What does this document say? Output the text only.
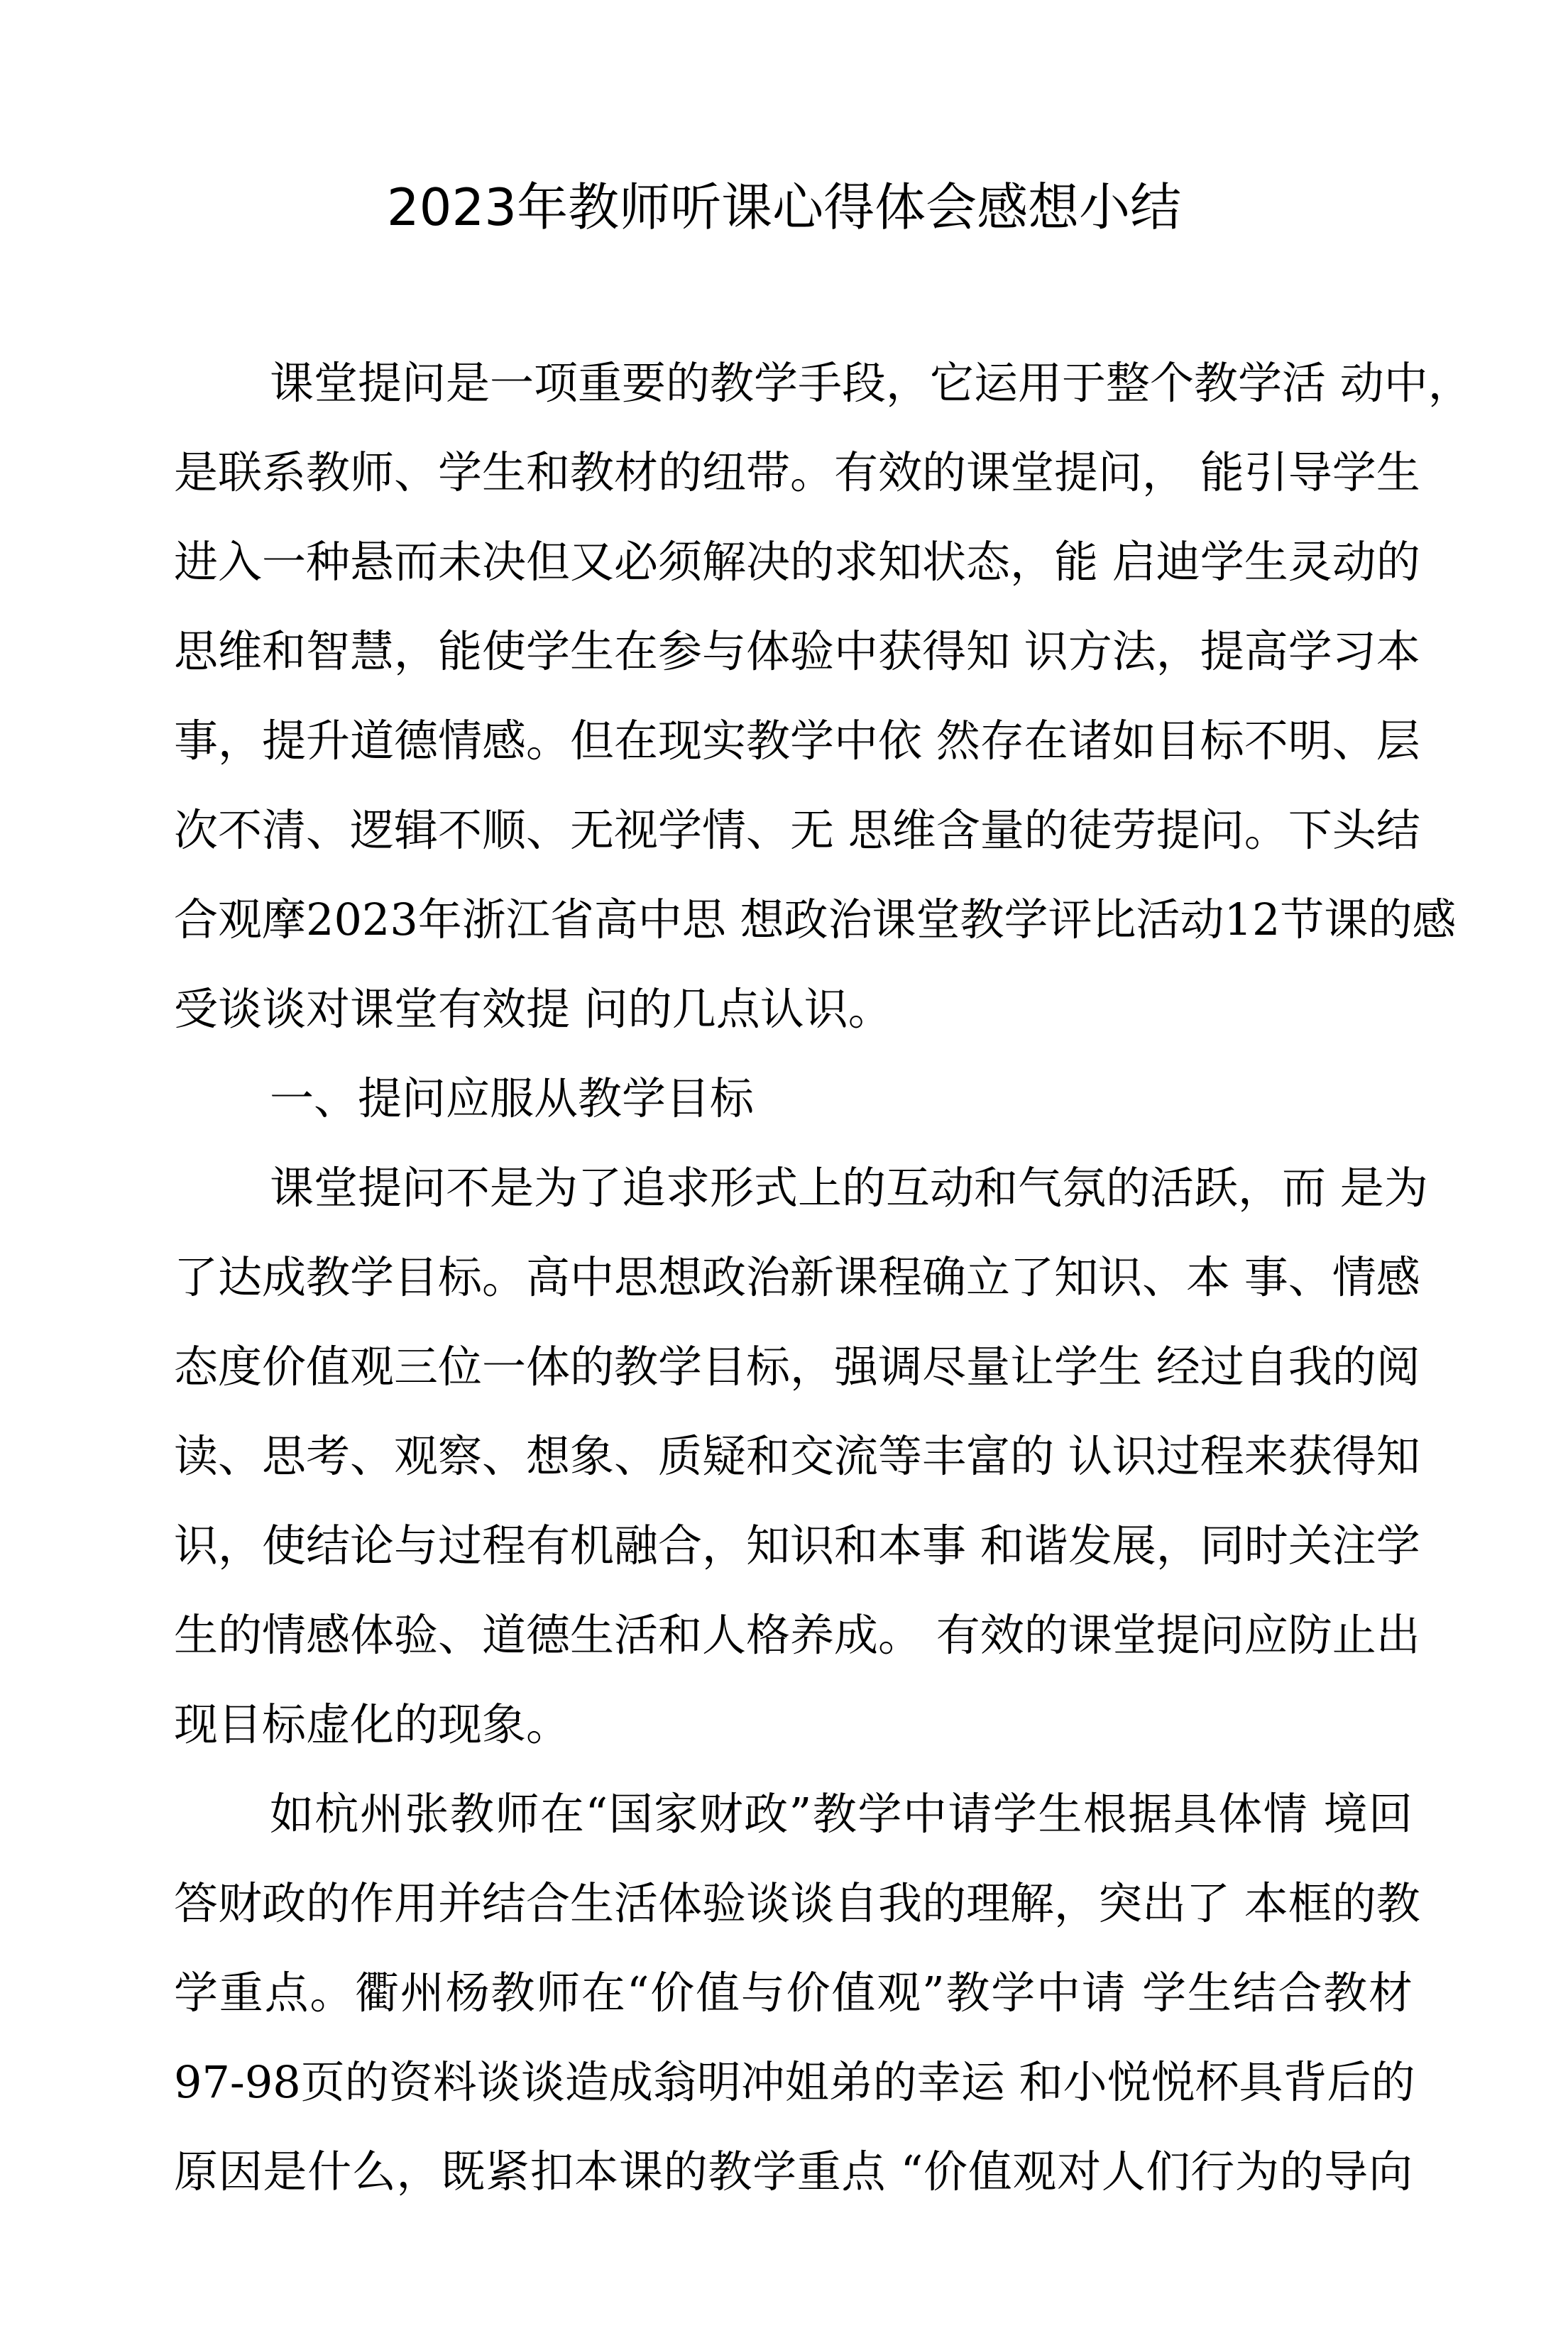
2023年教师听课心得体会感想小结
课堂提问是一项重要的教学手段，它运用于整个教学活 动中，
是联系教师、学生和教材的纽带。有效的课堂提问， 能引导学生
进入一种悬而未决但又必须解决的求知状态，能 启迪学生灵动的
思维和智慧，能使学生在参与体验中获得知 识方法，提高学习本
事，提升道德情感。但在现实教学中依 然存在诸如目标不明、层
次不清、逻辑不顺、无视学情、无 思维含量的徒劳提问。下头结
合观摩2023年浙江省高中思 想政治课堂教学评比活动12节课的感
受谈谈对课堂有效提 问的几点认识。
一、提问应服从教学目标
课堂提问不是为了追求形式上的互动和气氛的活跃，而 是为
了达成教学目标。高中思想政治新课程确立了知识、本 事、情感
态度价值观三位一体的教学目标，强调尽量让学生 经过自我的阅
读、思考、观察、想象、质疑和交流等丰富的 认识过程来获得知
识，使结论与过程有机融合，知识和本事 和谐发展，同时关注学
生的情感体验、道德生活和人格养成。 有效的课堂提问应防止出
现目标虚化的现象。
如杭州张教师在“国家财政”教学中请学生根据具体情 境回
答财政的作用并结合生活体验谈谈自我的理解，突出了 本框的教
学重点。衢州杨教师在“价值与价值观”教学中请 学生结合教材
97-98页的资料谈谈造成翁明冲姐弟的幸运 和小悦悦杯具背后的
原因是什么，既紧扣本课的教学重点 “价值观对人们行为的导向
